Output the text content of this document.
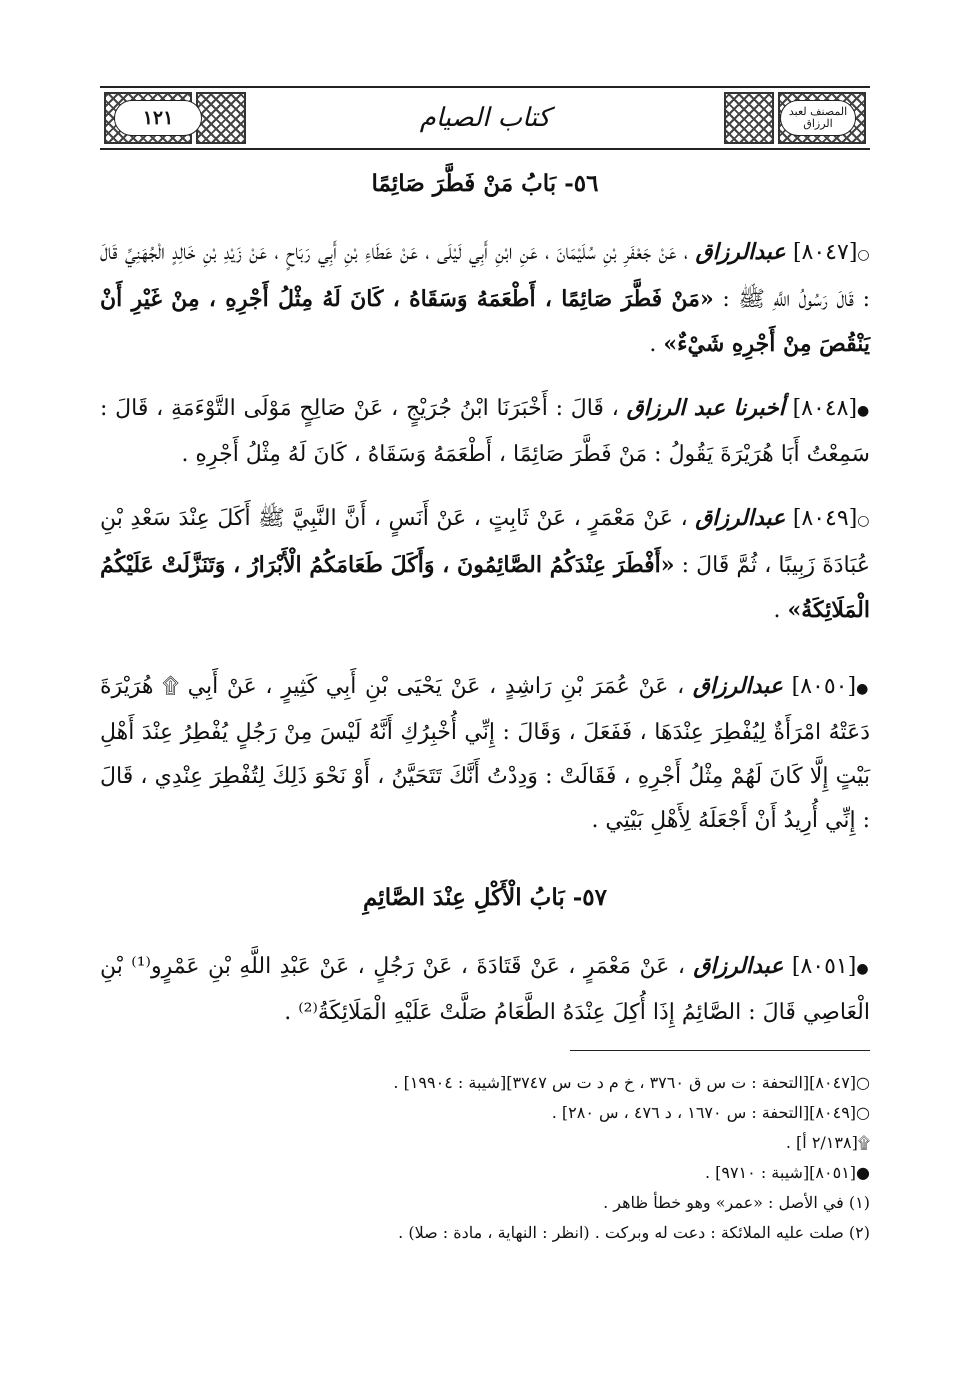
١٢١	المصنف لعبد الرزاق
كتاب الصيام
٥٦- بَابُ مَنْ فَطَّرَ صَائِمًا
○[٨٠٤٧] عبدالرزاق ، عَنْ جَعْفَرِ بْنِ سُلَيْمَانَ ، عَنِ ابْنِ أَبِي لَيْلَى ، عَنْ عَطَاءِ بْنِ أَبِي رَبَاحٍ ، عَنْ زَيْدِ بْنِ خَالِدٍ الْجُهَنِيِّ قَالَ : قَالَ رَسُولُ اللَّهِ ﷺ : «مَنْ فَطَّرَ صَائِمًا ، أَطْعَمَهُ وَسَقَاهُ ، كَانَ لَهُ مِثْلُ أَجْرِهِ ، مِنْ غَيْرِ أَنْ يَنْقُصَ مِنْ أَجْرِهِ شَيْءٌ» .
●[٨٠٤٨] أخبرنا عبد الرزاق ، قَالَ : أَخْبَرَنَا ابْنُ جُرَيْجٍ ، عَنْ صَالِحٍ مَوْلَى التَّوْءَمَةِ ، قَالَ : سَمِعْتُ أَبَا هُرَيْرَةَ يَقُولُ : مَنْ فَطَّرَ صَائِمًا ، أَطْعَمَهُ وَسَقَاهُ ، كَانَ لَهُ مِثْلُ أَجْرِهِ .
○[٨٠٤٩] عبدالرزاق ، عَنْ مَعْمَرٍ ، عَنْ ثَابِتٍ ، عَنْ أَنَسٍ ، أَنَّ النَّبِيَّ ﷺ أَكَلَ عِنْدَ سَعْدِ بْنِ عُبَادَةَ زَبِيبًا ، ثُمَّ قَالَ : «أَفْطَرَ عِنْدَكُمُ الصَّائِمُونَ ، وَأَكَلَ طَعَامَكُمُ الْأَبْرَارُ ، وَتَنَزَّلَتْ عَلَيْكُمُ الْمَلَائِكَةُ» .
●[٨٠٥٠] عبدالرزاق ، عَنْ عُمَرَ بْنِ رَاشِدٍ ، عَنْ يَحْيَى بْنِ أَبِي كَثِيرٍ ، عَنْ أَبِي ۩ هُرَيْرَةَ دَعَتْهُ امْرَأَةٌ لِيُفْطِرَ عِنْدَهَا ، فَفَعَلَ ، وَقَالَ : إِنِّي أُخْبِرُكِ أَنَّهُ لَيْسَ مِنْ رَجُلٍ يُفْطِرُ عِنْدَ أَهْلِ بَيْتٍ إِلَّا كَانَ لَهُمْ مِثْلُ أَجْرِهِ ، فَقَالَتْ : وَدِدْتُ أَنَّكَ تَتَحَيَّنُ ، أَوْ نَحْوَ ذَلِكَ لِتُفْطِرَ عِنْدِي ، قَالَ : إِنِّي أُرِيدُ أَنْ أَجْعَلَهُ لِأَهْلِ بَيْتِي .
٥٧- بَابُ الْأَكْلِ عِنْدَ الصَّائِمِ
●[٨٠٥١] عبدالرزاق ، عَنْ مَعْمَرٍ ، عَنْ قَتَادَةَ ، عَنْ رَجُلٍ ، عَنْ عَبْدِ اللَّهِ بْنِ عَمْرٍو⁽¹⁾ بْنِ الْعَاصِي قَالَ : الصَّائِمُ إِذَا أُكِلَ عِنْدَهُ الطَّعَامُ صَلَّتْ عَلَيْهِ الْمَلَائِكَةُ⁽²⁾ .
○[٨٠٤٧][التحفة : ت س ق ٣٧٦٠ ، خ م د ت س ٣٧٤٧][شيبة : ١٩٩٠٤] .
○[٨٠٤٩][التحفة : س ١٦٧٠ ، د ٤٧٦ ، س ٢٨٠] .
۩[٢/١٣٨ أ] .
●[٨٠٥١][شيبة : ٩٧١٠] .
(١) في الأصل : «عمر» وهو خطأ ظاهر .
(٢) صلت عليه الملائكة : دعت له وبركت . (انظر : النهاية ، مادة : صلا) .
